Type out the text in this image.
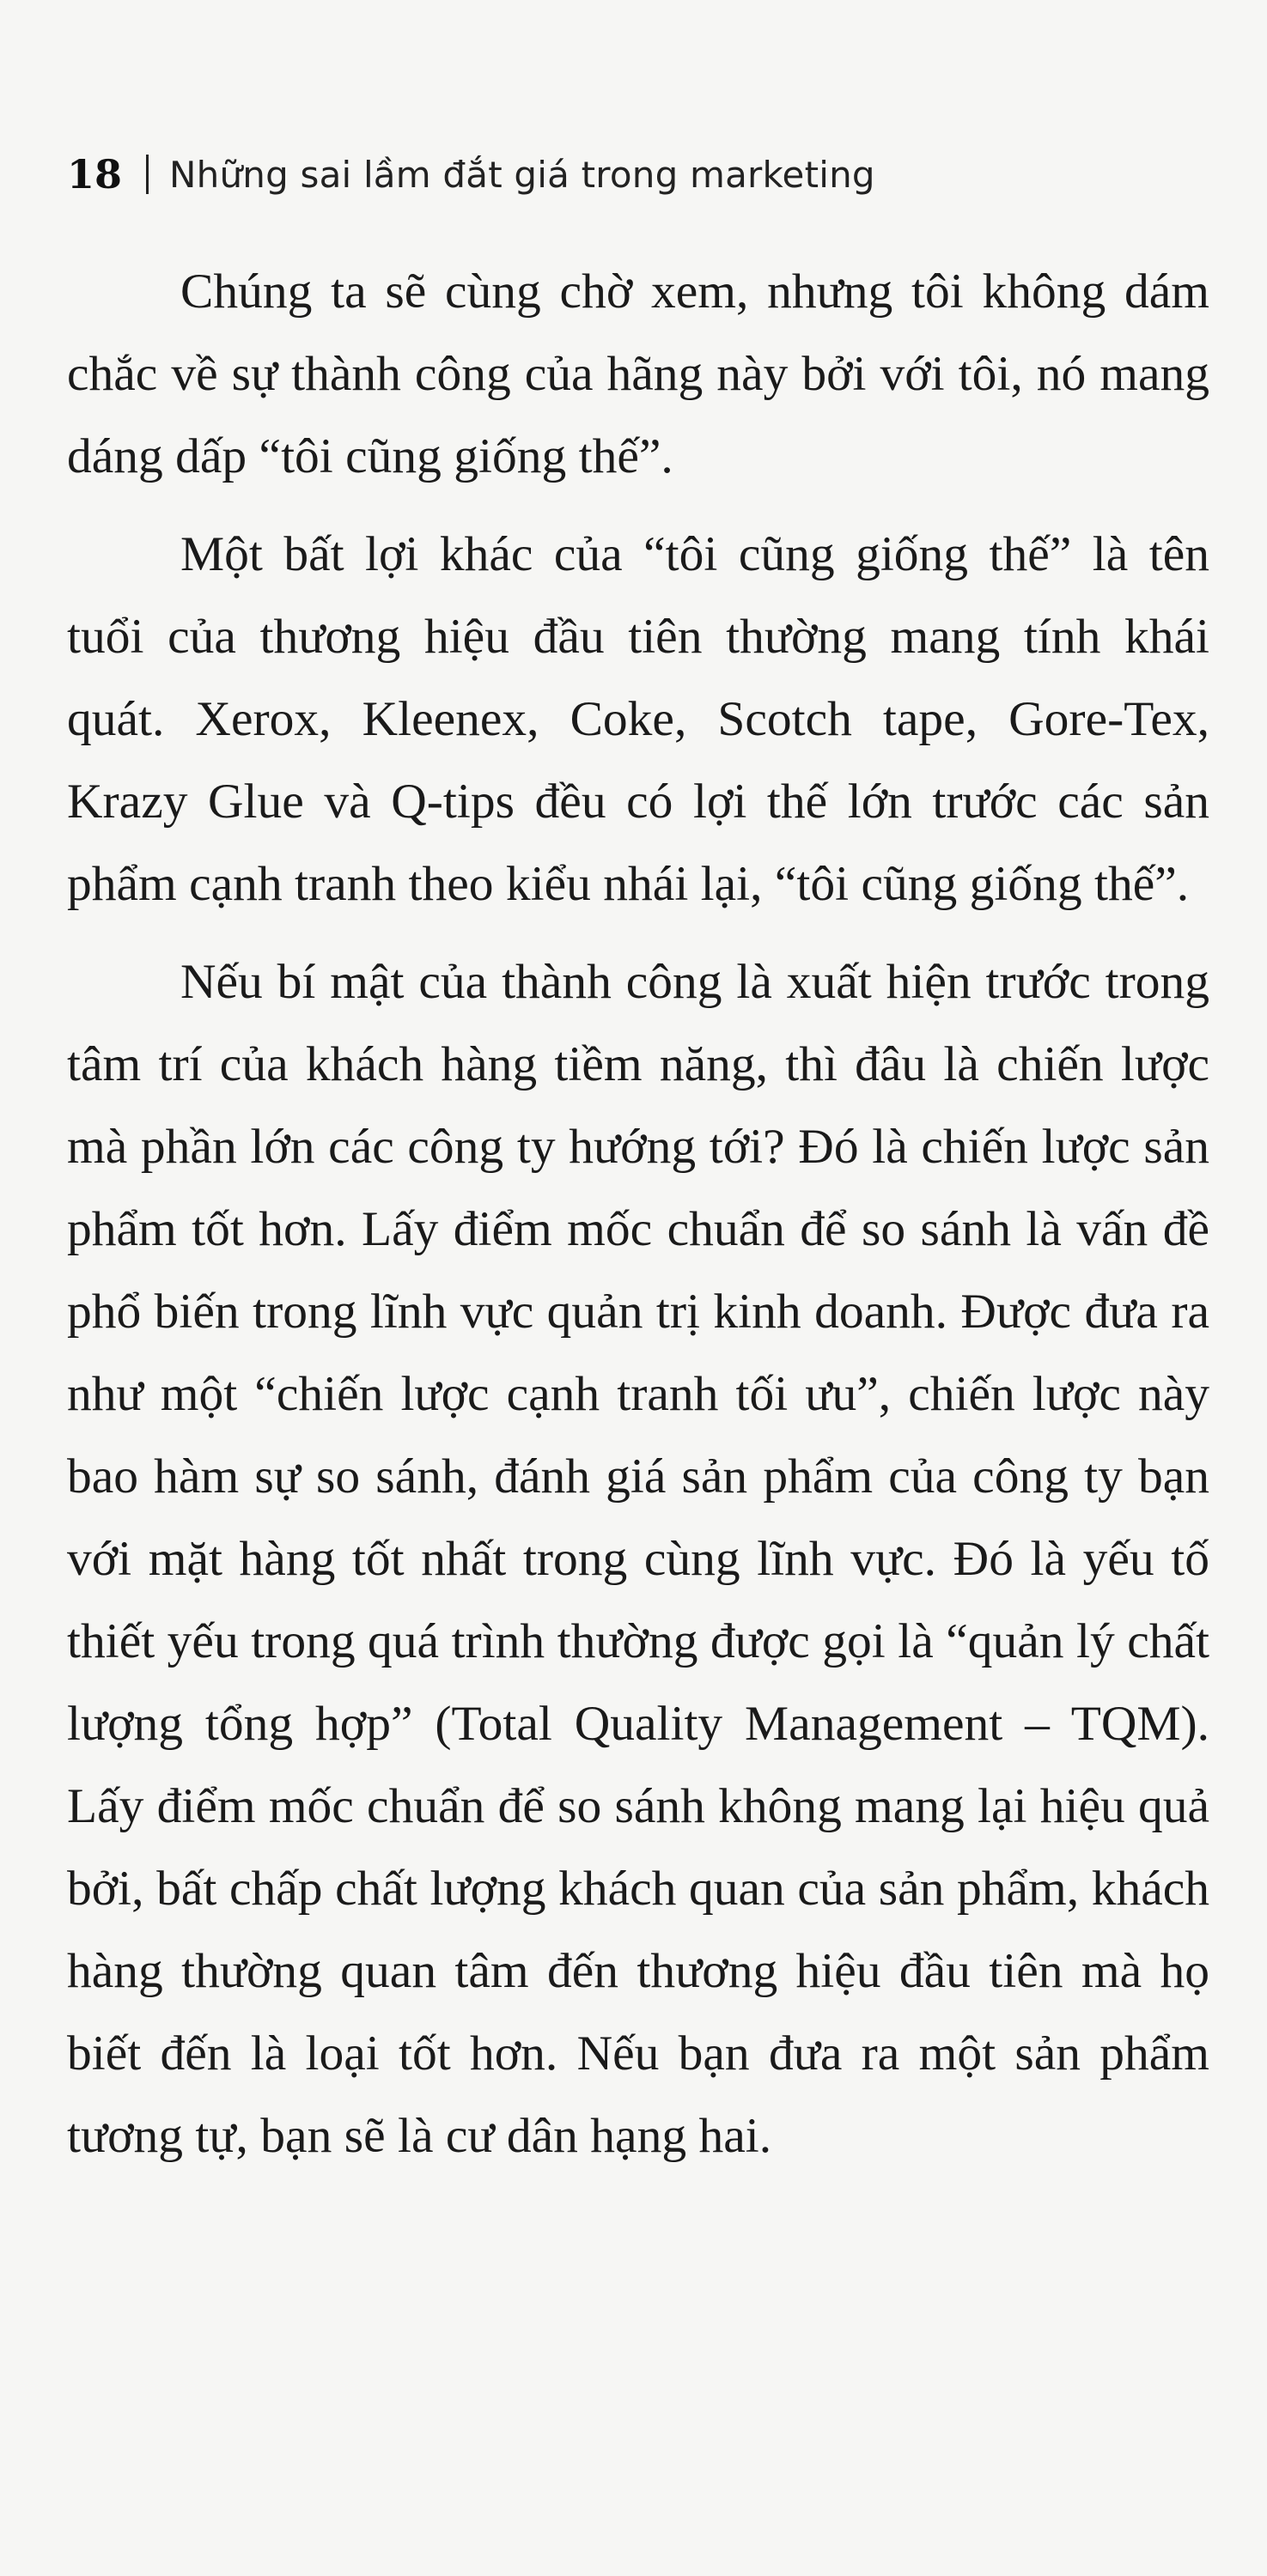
18 Những sai lầm đắt giá trong marketing

Chúng ta sẽ cùng chờ xem, nhưng tôi không dám chắc về sự thành công của hãng này bởi với tôi, nó mang dáng dấp “tôi cũng giống thế”.

Một bất lợi khác của “tôi cũng giống thế” là tên tuổi của thương hiệu đầu tiên thường mang tính khái quát. Xerox, Kleenex, Coke, Scotch tape, Gore-Tex, Krazy Glue và Q-tips đều có lợi thế lớn trước các sản phẩm cạnh tranh theo kiểu nhái lại, “tôi cũng giống thế”.

Nếu bí mật của thành công là xuất hiện trước trong tâm trí của khách hàng tiềm năng, thì đâu là chiến lược mà phần lớn các công ty hướng tới? Đó là chiến lược sản phẩm tốt hơn. Lấy điểm mốc chuẩn để so sánh là vấn đề phổ biến trong lĩnh vực quản trị kinh doanh. Được đưa ra như một “chiến lược cạnh tranh tối ưu”, chiến lược này bao hàm sự so sánh, đánh giá sản phẩm của công ty bạn với mặt hàng tốt nhất trong cùng lĩnh vực. Đó là yếu tố thiết yếu trong quá trình thường được gọi là “quản lý chất lượng tổng hợp” (Total Quality Management – TQM). Lấy điểm mốc chuẩn để so sánh không mang lại hiệu quả bởi, bất chấp chất lượng khách quan của sản phẩm, khách hàng thường quan tâm đến thương hiệu đầu tiên mà họ biết đến là loại tốt hơn. Nếu bạn đưa ra một sản phẩm tương tự, bạn sẽ là cư dân hạng hai.
